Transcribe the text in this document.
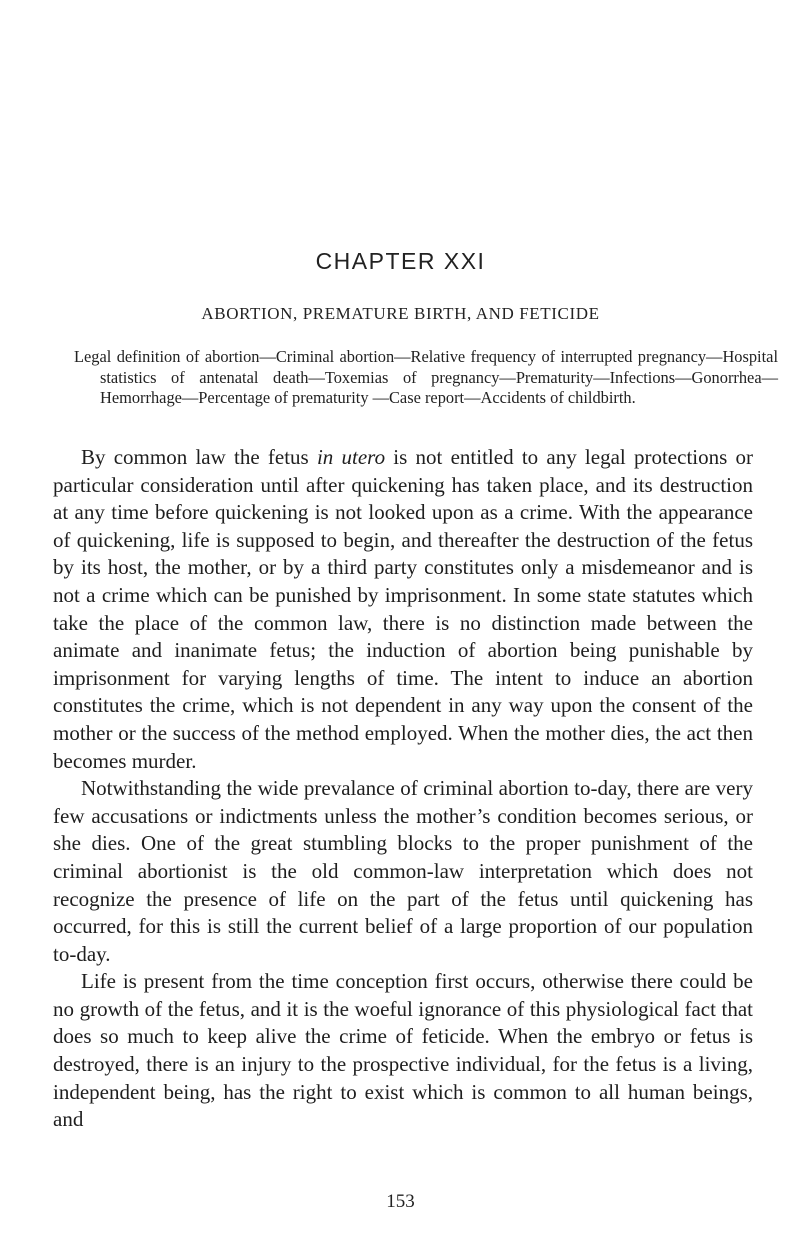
CHAPTER XXI
ABORTION, PREMATURE BIRTH, AND FETICIDE
Legal definition of abortion—Criminal abortion—Relative frequency of interrupted pregnancy—Hospital statistics of antenatal death—Toxemias of pregnancy—Prematurity—Infections—Gonorrhea—Hemorrhage—Percentage of prematurity —Case report—Accidents of childbirth.

By common law the fetus in utero is not entitled to any legal protections or particular consideration until after quickening has taken place, and its destruction at any time before quickening is not looked upon as a crime. With the appearance of quickening, life is supposed to begin, and thereafter the destruction of the fetus by its host, the mother, or by a third party constitutes only a misdemeanor and is not a crime which can be punished by imprisonment. In some state statutes which take the place of the common law, there is no distinction made between the animate and inanimate fetus; the induction of abortion being punishable by imprisonment for varying lengths of time. The intent to induce an abortion constitutes the crime, which is not dependent in any way upon the consent of the mother or the success of the method employed. When the mother dies, the act then becomes murder.

Notwithstanding the wide prevalance of criminal abortion to-day, there are very few accusations or indictments unless the mother’s condition becomes serious, or she dies. One of the great stumbling blocks to the proper punishment of the criminal abortionist is the old common-law interpretation which does not recognize the presence of life on the part of the fetus until quickening has occurred, for this is still the current belief of a large proportion of our population to-day.

Life is present from the time conception first occurs, otherwise there could be no growth of the fetus, and it is the woeful ignorance of this physiological fact that does so much to keep alive the crime of feticide. When the embryo or fetus is destroyed, there is an injury to the prospective individual, for the fetus is a living, independent being, has the right to exist which is common to all human beings, and

153
